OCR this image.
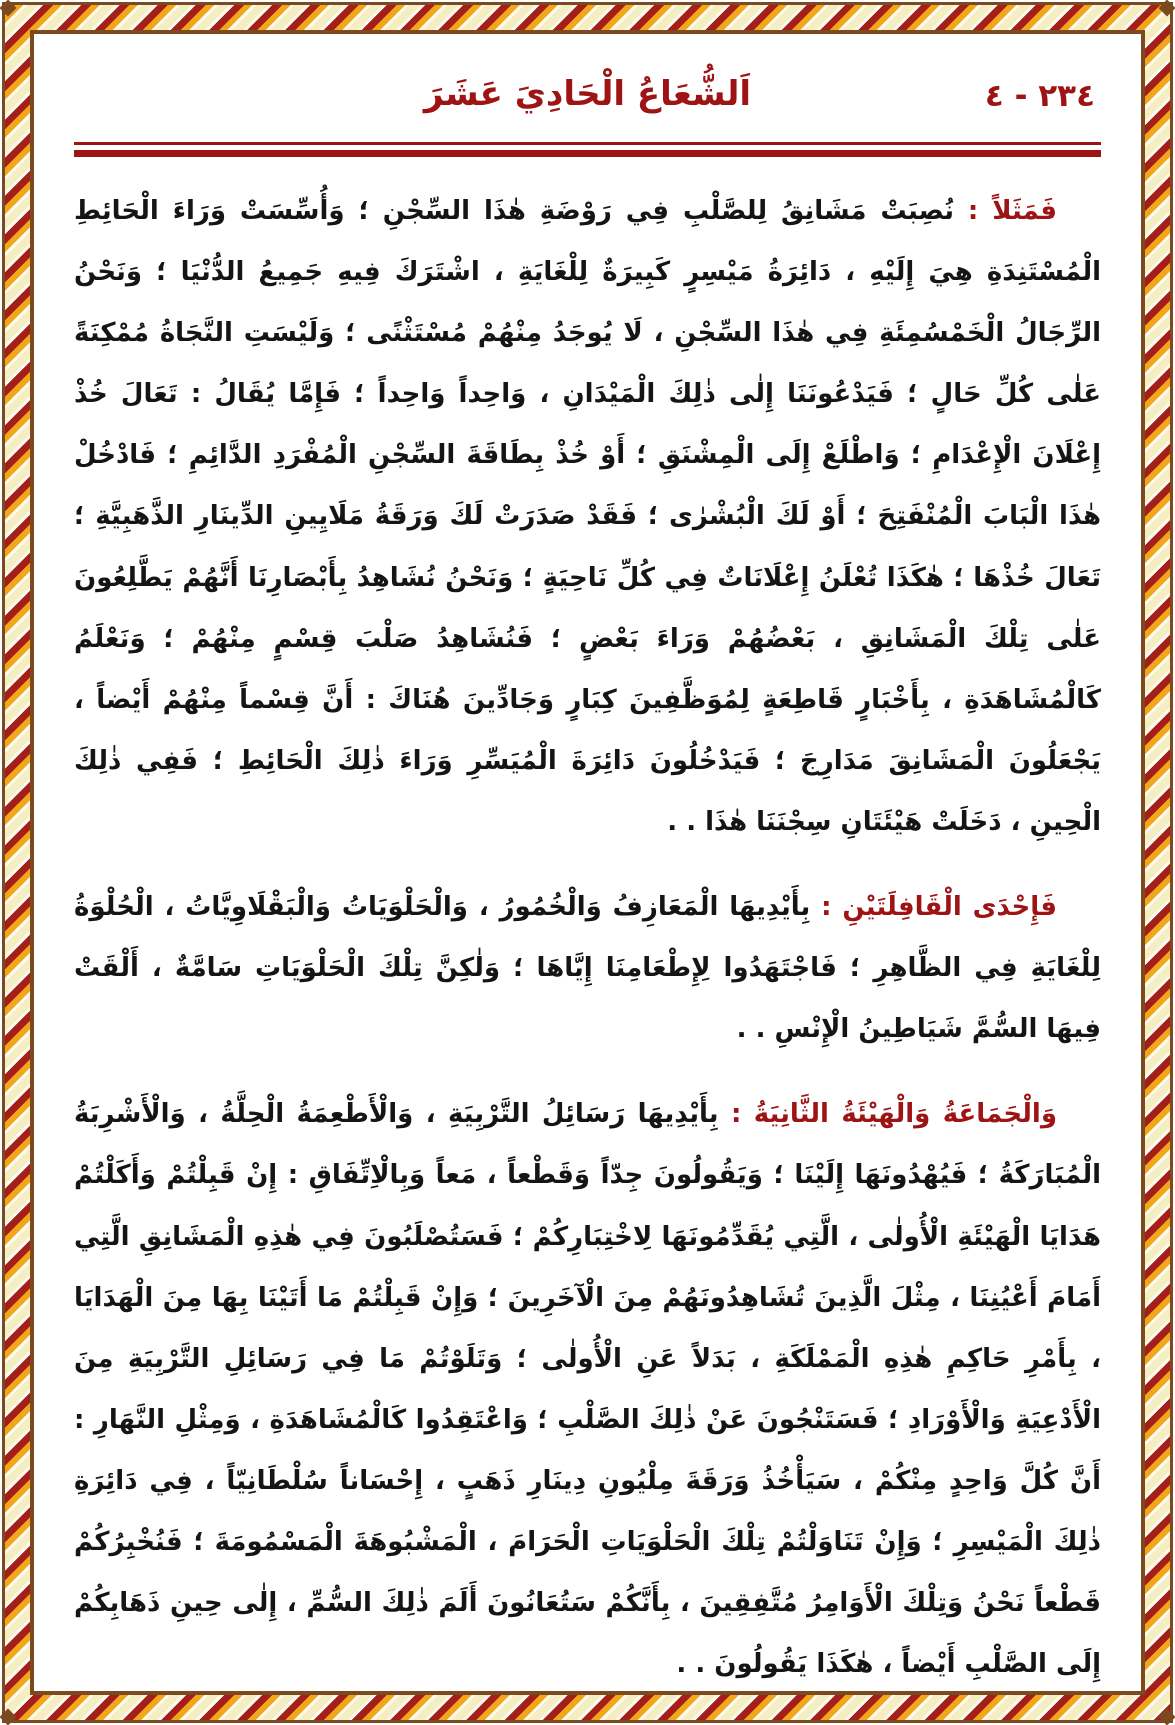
٢٣٤ - ٤
اَلشُّعَاعُ الْحَادِيَ عَشَرَ

فَمَثَلاً : نُصِبَتْ مَشَانِقُ لِلصَّلْبِ فِي رَوْضَةِ هٰذَا السِّجْنِ ؛ وَأُسِّسَتْ وَرَاءَ الْحَائِطِ الْمُسْتَنِدَةِ هِيَ إِلَيْهِ ، دَائِرَةُ مَيْسِرٍ كَبِيرَةٌ لِلْغَايَةِ ، اشْتَرَكَ فِيهِ جَمِيعُ الدُّنْيَا ؛ وَنَحْنُ الرِّجَالُ الْخَمْسُمِئَةِ فِي هٰذَا السِّجْنِ ، لَا يُوجَدُ مِنْهُمْ مُسْتَثْنًى ؛ وَلَيْسَتِ النَّجَاةُ مُمْكِنَةً عَلٰى كُلِّ حَالٍ ؛ فَيَدْعُونَنَا إِلٰى ذٰلِكَ الْمَيْدَانِ ، وَاحِداً وَاحِداً ؛ فَإِمَّا يُقَالُ : تَعَالَ خُذْ إِعْلَانَ الْإِعْدَامِ ؛ وَاطْلَعْ إِلَى الْمِشْنَقِ ؛ أَوْ خُذْ بِطَاقَةَ السِّجْنِ الْمُفْرَدِ الدَّائِمِ ؛ فَادْخُلْ هٰذَا الْبَابَ الْمُنْفَتِحَ ؛ أَوْ لَكَ الْبُشْرٰى ؛ فَقَدْ صَدَرَتْ لَكَ وَرَقَةُ مَلَايِينِ الدِّينَارِ الذَّهَبِيَّةِ ؛ تَعَالَ خُذْهَا ؛ هٰكَذَا تُعْلَنُ إِعْلَانَاتٌ فِي كُلِّ نَاحِيَةٍ ؛ وَنَحْنُ نُشَاهِدُ بِأَبْصَارِنَا أَنَّهُمْ يَطَّلِعُونَ عَلٰى تِلْكَ الْمَشَانِقِ ، بَعْضُهُمْ وَرَاءَ بَعْضٍ ؛ فَنُشَاهِدُ صَلْبَ قِسْمٍ مِنْهُمْ ؛ وَنَعْلَمُ كَالْمُشَاهَدَةِ ، بِأَخْبَارٍ قَاطِعَةٍ لِمُوَظَّفِينَ كِبَارٍ وَجَادِّينَ هُنَاكَ : أَنَّ قِسْماً مِنْهُمْ أَيْضاً ، يَجْعَلُونَ الْمَشَانِقَ مَدَارِجَ ؛ فَيَدْخُلُونَ دَائِرَةَ الْمُيَسِّرِ وَرَاءَ ذٰلِكَ الْحَائِطِ ؛ فَفِي ذٰلِكَ الْحِينِ ، دَخَلَتْ هَيْئَتَانِ سِجْنَنَا هٰذَا . .

فَإِحْدَى الْقَافِلَتَيْنِ : بِأَيْدِيهَا الْمَعَازِفُ وَالْخُمُورُ ، وَالْحَلْوَيَاتُ وَالْبَقْلَاوِيَّاتُ ، الْحُلْوَةُ لِلْغَايَةِ فِي الظَّاهِرِ ؛ فَاجْتَهَدُوا لِإِطْعَامِنَا إِيَّاهَا ؛ وَلٰكِنَّ تِلْكَ الْحَلْوَيَاتِ سَامَّةٌ ، أَلْقَتْ فِيهَا السُّمَّ شَيَاطِينُ الْإِنْسِ . .

وَالْجَمَاعَةُ وَالْهَيْئَةُ الثَّانِيَةُ : بِأَيْدِيهَا رَسَائِلُ التَّرْبِيَةِ ، وَالْأَطْعِمَةُ الْحِلَّةُ ، وَالْأَشْرِبَةُ الْمُبَارَكَةُ ؛ فَيُهْدُونَهَا إِلَيْنَا ؛ وَيَقُولُونَ جِدّاً وَقَطْعاً ، مَعاً وَبِالْاِتِّفَاقِ : إِنْ قَبِلْتُمْ وَأَكَلْتُمْ هَدَايَا الْهَيْئَةِ الْأُولٰى ، الَّتِي يُقَدِّمُونَهَا لِاخْتِبَارِكُمْ ؛ فَسَتُصْلَبُونَ فِي هٰذِهِ الْمَشَانِقِ الَّتِي أَمَامَ أَعْيُنِنَا ، مِثْلَ الَّذِينَ تُشَاهِدُونَهُمْ مِنَ الْآخَرِينَ ؛ وَإِنْ قَبِلْتُمْ مَا أَتَيْنَا بِهَا مِنَ الْهَدَايَا ، بِأَمْرِ حَاكِمِ هٰذِهِ الْمَمْلَكَةِ ، بَدَلاً عَنِ الْأُولٰى ؛ وَتَلَوْتُمْ مَا فِي رَسَائِلِ التَّرْبِيَةِ مِنَ الْأَدْعِيَةِ وَالْأَوْرَادِ ؛ فَسَتَنْجُونَ عَنْ ذٰلِكَ الصَّلْبِ ؛ وَاعْتَقِدُوا كَالْمُشَاهَدَةِ ، وَمِثْلِ النَّهَارِ : أَنَّ كُلَّ وَاحِدٍ مِنْكُمْ ، سَيَأْخُذُ وَرَقَةَ مِلْيُونِ دِينَارِ ذَهَبٍ ، إِحْسَاناً سُلْطَانِيّاً ، فِي دَائِرَةِ ذٰلِكَ الْمَيْسِرِ ؛ وَإِنْ تَنَاوَلْتُمْ تِلْكَ الْحَلْوَيَاتِ الْحَرَامَ ، الْمَشْبُوهَةَ الْمَسْمُومَةَ ؛ فَنُخْبِرُكُمْ قَطْعاً نَحْنُ وَتِلْكَ الْأَوَامِرُ مُتَّفِقِينَ ، بِأَنَّكُمْ سَتُعَانُونَ أَلَمَ ذٰلِكَ السُّمِّ ، إِلٰى حِينِ ذَهَابِكُمْ إِلَى الصَّلْبِ أَيْضاً ، هٰكَذَا يَقُولُونَ . .
